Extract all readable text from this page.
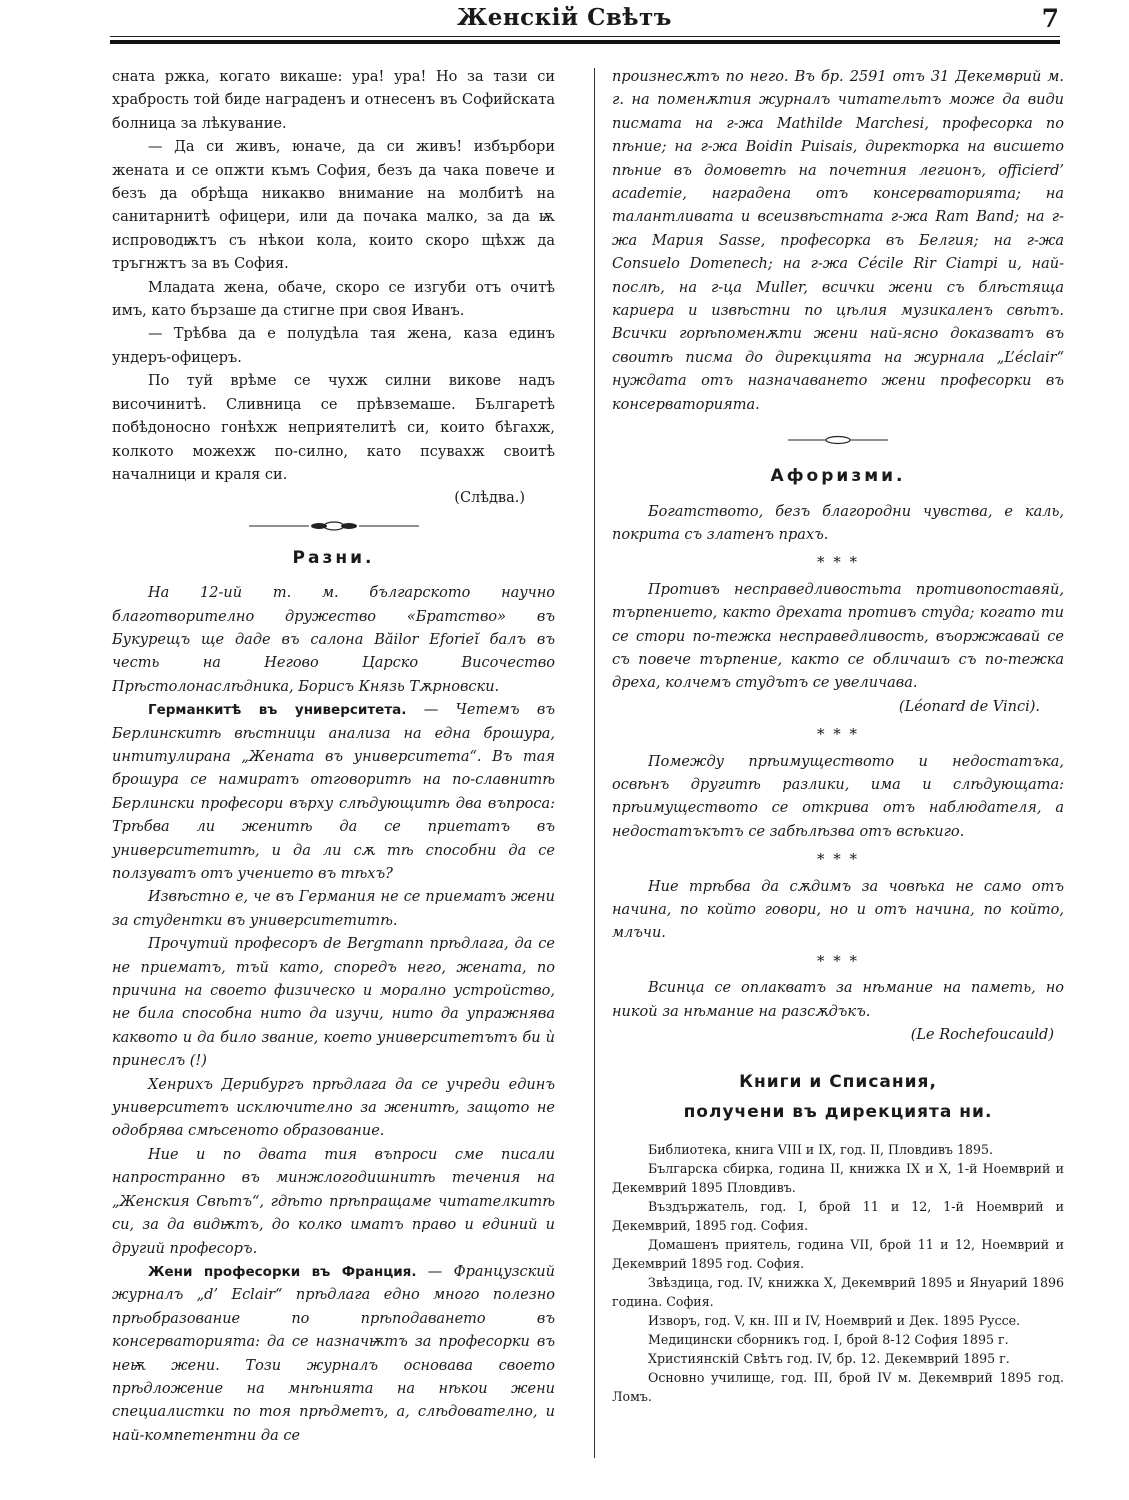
Женскій Свѣтъ	7

сната ржка, когато викаше: ура! ура! Но за тази си храбрость той биде награденъ и отнесенъ въ Софийската болница за лѣкувание.

— Да си живъ, юначе, да си живъ! избърбори жената и се опжти къмъ София, безъ да чака повече и безъ да обрѣща никакво внимание на молбитѣ на санитарнитѣ офицери, или да почака малко, за да ѭ испроводѭтъ съ нѣкои кола, които скоро щѣхж да тръгнжтъ за въ София.

Младата жена, обаче, скоро се изгуби отъ очитѣ имъ, като бързаше да стигне при своя Иванъ.

— Трѣбва да е полудѣла тая жена, каза единъ ундеръ-офицеръ.

По туй врѣме се чухж силни викове надъ височинитѣ. Сливница се прѣвземаше. Българетѣ побѣдоносно гонѣхж неприятелитѣ си, които бѣгахж, колкото можехж по-силно, като псувахж своитѣ началници и краля си.

(Слѣдва.)
Разни.

На 12-ий т. м. българското научно благотворително дружество «Братство» въ Букурещъ ще даде въ салона Băilor Eforieĭ балъ въ честь на Негово Царско Височество Прѣстолонаслѣдника, Борисъ Князь Тѫрновски.

Германкитѣ въ университета. — Четемъ въ Берлинскитѣ вѣстници анализа на една брошура, интитулирана „Жената въ университета“. Въ тая брошура се намиратъ отговоритѣ на по-славнитѣ Берлински професори върху слѣдующитѣ два въпроса: Трѣбва ли женитѣ да се приеmатъ въ университетитѣ, и да ли сѫ тѣ способни да се ползуватъ отъ учението въ тѣхъ?

Извѣстно е, че въ Германия не се приематъ жени за студентки въ университетитѣ.

Прочутий професоръ de Bergmann прѣдлага, да се не приематъ, тъй като, споредъ него, жената, по причина на своето физическо и морално устройство, не била способна нито да изучи, нито да упражнява каквото и да било звание, което университетътъ би ѝ принеслъ (!)

Хенрихъ Дерибургъ прѣдлага да се учреди единъ университетъ исключително за женитѣ, защото не одобрява смѣсеното образование.

Ние и по двата тия въпроси сме писали напространно въ минжлогодишнитѣ течения на „Женския Свѣтъ“, гдѣто прѣпращаме читателкитѣ си, за да видѭтъ, до колко иматъ право и единий и другий професоръ.

Жени професорки въ Франция. — Французский журналъ „d’ Eclair“ прѣдлага едно много полезно прѣобразование по прѣподаването въ консерваторията: да се назначѭтъ за професорки въ неѭ жени. Този журналъ основава своето прѣдложение на мнѣнията на нѣкои жени специалистки по тоя прѣдметъ, а, слѣдователно, и най-компетентни да се

произнесѫтъ по него. Въ бр. 2591 отъ 31 Декемврий м. г. на поменѫтия журналъ читательтъ може да види писмата на г-жа Mathilde Marchesi, професорка по пѣние; на г-жа Boidin Puisais, директорка на висшето пѣние въ домоветѣ на почетния легионъ, officierd’ academie, наградена отъ консерваторията; на талантливата и всеизвѣстната г-жа Ram Band; на г-жа Мария Sasse, професорка въ Белгия; на г-жа Consuelo Domenech; на г-жа Cécile Rir Ciampi и, най-послѣ, на г-ца Muller, всички жени съ блѣстяща кариера и извѣстни по цѣлия музикаленъ свѣтъ. Всички горѣпоменѫти жени най-ясно доказватъ въ своитѣ писма до дирекцията на журнала „L’éclair“ нуждата отъ назначаването жени професорки въ консерваторията.

Афоризми.

Богатството, безъ благородни чувства, е каль, покрита съ златенъ прахъ.

* * *

Противъ несправедливостьта противопоставяй, търпението, както дрехата противъ студа; когато ти се стори по-тежка несправедливость, въоржжавай се съ повече търпение, както се обличашъ съ по-тежка дреха, колчемъ студътъ се увеличава.

(Léonard de Vinci).
* * *

Помежду прѣимуществото и недостатъка, освѣнъ другитѣ разлики, има и слѣдующата: прѣимуществото се открива отъ наблюдателя, а недостатъкътъ се забѣлѣзва отъ всѣкиго.

* * *

Ние трѣбва да сѫдимъ за човѣка не само отъ начина, по който говори, но и отъ начина, по който, млъчи.

* * *

Всинца се оплакватъ за нѣмание на паметь, но никой за нѣмание на разсѫдъкъ.

(Le Rochefoucauld)
Книги и Списания,
получени въ дирекцията ни.

Библиотека, книга VIII и IX, год. II, Пловдивъ 1895.

Българска сбирка, година II, книжка IX и X, 1-й Ноемврий и Декемврий 1895 Пловдивъ.

Въздържатель, год. I, брой 11 и 12, 1-й Ноемврий и Декемврий, 1895 год. София.

Домашенъ приятель, година VII, брой 11 и 12, Ноемврий и Декемврий 1895 год. София.

Звѣздица, год. IV, книжка X, Декемврий 1895 и Януарий 1896 година. София.

Изворъ, год. V, кн. III и IV, Ноемврий и Дек. 1895 Руссе.

Медицински сборникъ год. I, брой 8-12 София 1895 г.

Християнскій Свѣтъ год. IV, бр. 12. Декемврий 1895 г.

Основно училище, год. III, брой IV м. Декемврий 1895 год. Ломъ.
